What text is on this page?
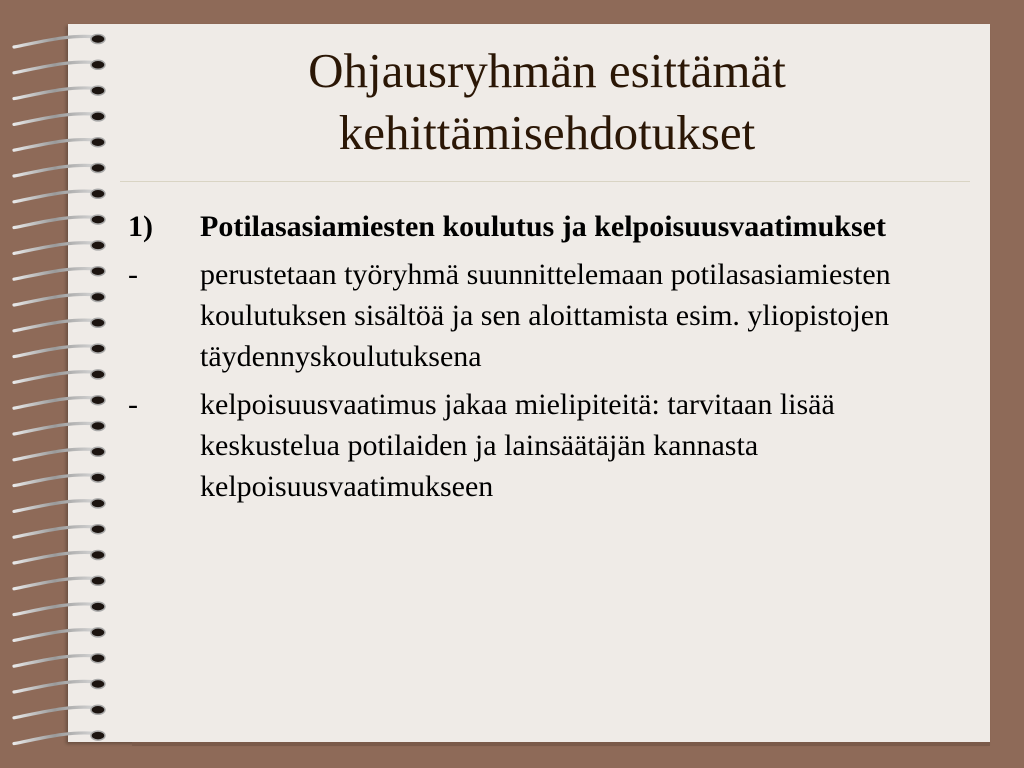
Ohjausryhmän esittämät
kehittämisehdotukset
1)	Potilasasiamiesten koulutus ja kelpoisuusvaatimukset
-	perustetaan työryhmä suunnittelemaan potilasasiamiesten koulutuksen sisältöä ja sen aloittamista esim. yliopistojen täydennyskoulutuksena
-	kelpoisuusvaatimus jakaa mielipiteitä: tarvitaan lisää keskustelua potilaiden ja lainsäätäjän kannasta kelpoisuusvaatimukseen
